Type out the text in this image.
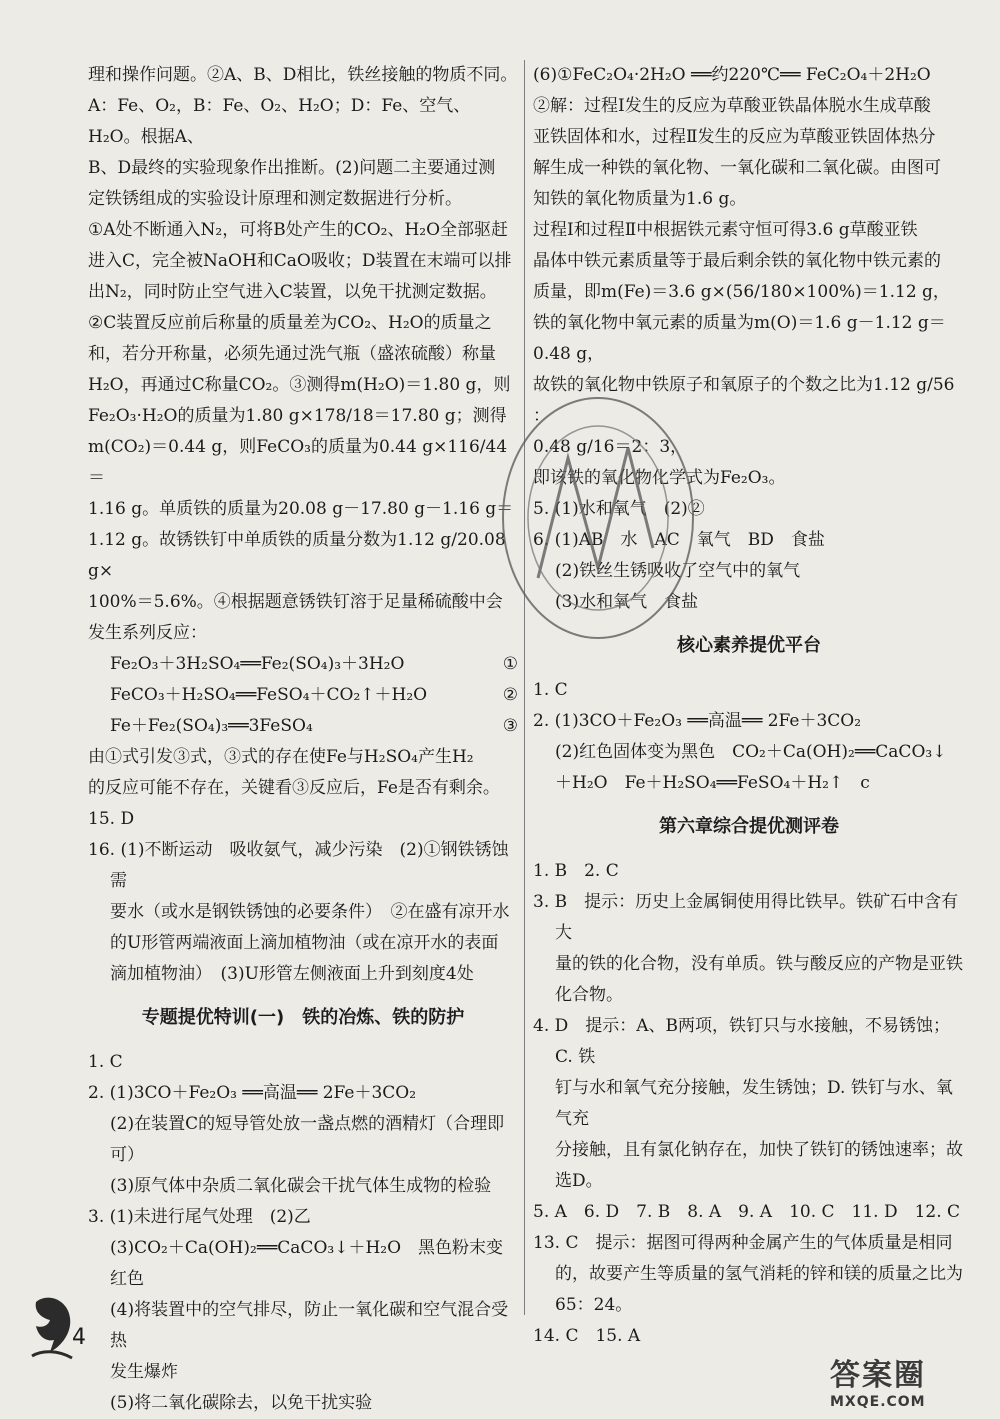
理和操作问题。②A、B、D相比，铁丝接触的物质不同。

A：Fe、O₂，B：Fe、O₂、H₂O；D：Fe、空气、H₂O。根据A、

B、D最终的实验现象作出推断。(2)问题二主要通过测

定铁锈组成的实验设计原理和测定数据进行分析。

①A处不断通入N₂，可将B处产生的CO₂、H₂O全部驱赶

进入C，完全被NaOH和CaO吸收；D装置在末端可以排

出N₂，同时防止空气进入C装置，以免干扰测定数据。

②C装置反应前后称量的质量差为CO₂、H₂O的质量之

和，若分开称量，必须先通过洗气瓶（盛浓硫酸）称量

H₂O，再通过C称量CO₂。③测得m(H₂O)＝1.80 g，则

Fe₂O₃·H₂O的质量为1.80 g×178/18＝17.80 g；测得

m(CO₂)＝0.44 g，则FeCO₃的质量为0.44 g×116/44＝

1.16 g。单质铁的质量为20.08 g－17.80 g－1.16 g＝

1.12 g。故锈铁钉中单质铁的质量分数为1.12 g/20.08 g×

100%＝5.6%。④根据题意锈铁钉溶于足量稀硫酸中会

发生系列反应：

Fe₂O₃＋3H₂SO₄══Fe₂(SO₄)₃＋3H₂O	①

FeCO₃＋H₂SO₄══FeSO₄＋CO₂↑＋H₂O	②

Fe＋Fe₂(SO₄)₃══3FeSO₄	③

由①式引发③式，③式的存在使Fe与H₂SO₄产生H₂

的反应可能不存在，关键看③反应后，Fe是否有剩余。

15. D

16. (1)不断运动　吸收氨气，减少污染　(2)①钢铁锈蚀需

要水（或水是钢铁锈蚀的必要条件）　②在盛有凉开水

的U形管两端液面上滴加植物油（或在凉开水的表面

滴加植物油）　(3)U形管左侧液面上升到刻度4处

专题提优特训(一)　铁的冶炼、铁的防护

1. C

2. (1)3CO＋Fe₂O₃ ══高温══ 2Fe＋3CO₂

(2)在装置C的短导管处放一盏点燃的酒精灯（合理即

可）

(3)原气体中杂质二氧化碳会干扰气体生成物的检验

3. (1)未进行尾气处理　(2)乙

(3)CO₂＋Ca(OH)₂══CaCO₃↓＋H₂O　黑色粉末变

红色

(4)将装置中的空气排尽，防止一氧化碳和空气混合受热

发生爆炸

(5)将二氧化碳除去，以免干扰实验

(6)①FeC₂O₄·2H₂O ══约220℃══ FeC₂O₄＋2H₂O

②解：过程Ⅰ发生的反应为草酸亚铁晶体脱水生成草酸

亚铁固体和水，过程Ⅱ发生的反应为草酸亚铁固体热分

解生成一种铁的氧化物、一氧化碳和二氧化碳。由图可

知铁的氧化物质量为1.6 g。

过程Ⅰ和过程Ⅱ中根据铁元素守恒可得3.6 g草酸亚铁

晶体中铁元素质量等于最后剩余铁的氧化物中铁元素的

质量，即m(Fe)＝3.6 g×(56/180×100%)＝1.12 g，

铁的氧化物中氧元素的质量为m(O)＝1.6 g－1.12 g＝

0.48 g，

故铁的氧化物中铁原子和氧原子的个数之比为1.12 g/56 ：

0.48 g/16＝2：3，

即该铁的氧化物化学式为Fe₂O₃。

5. (1)水和氧气　(2)②

6. (1)AB　水　AC　氧气　BD　食盐

(2)铁丝生锈吸收了空气中的氧气

(3)水和氧气　食盐

核心素养提优平台

1. C

2. (1)3CO＋Fe₂O₃ ══高温══ 2Fe＋3CO₂

(2)红色固体变为黑色　CO₂＋Ca(OH)₂══CaCO₃↓

＋H₂O　Fe＋H₂SO₄══FeSO₄＋H₂↑　c

第六章综合提优测评卷

1. B　2. C

3. B　提示：历史上金属铜使用得比铁早。铁矿石中含有大

量的铁的化合物，没有单质。铁与酸反应的产物是亚铁

化合物。

4. D　提示：A、B两项，铁钉只与水接触，不易锈蚀；C. 铁

钉与水和氧气充分接触，发生锈蚀；D. 铁钉与水、氧气充

分接触，且有氯化钠存在，加快了铁钉的锈蚀速率；故

选D。

5. A　6. D　7. B　8. A　9. A　10. C　11. D　12. C

13. C　提示：据图可得两种金属产生的气体质量是相同

的，故要产生等质量的氢气消耗的锌和镁的质量之比为

65：24。

14. C　15. A

4
答案圈
MXQE.COM
